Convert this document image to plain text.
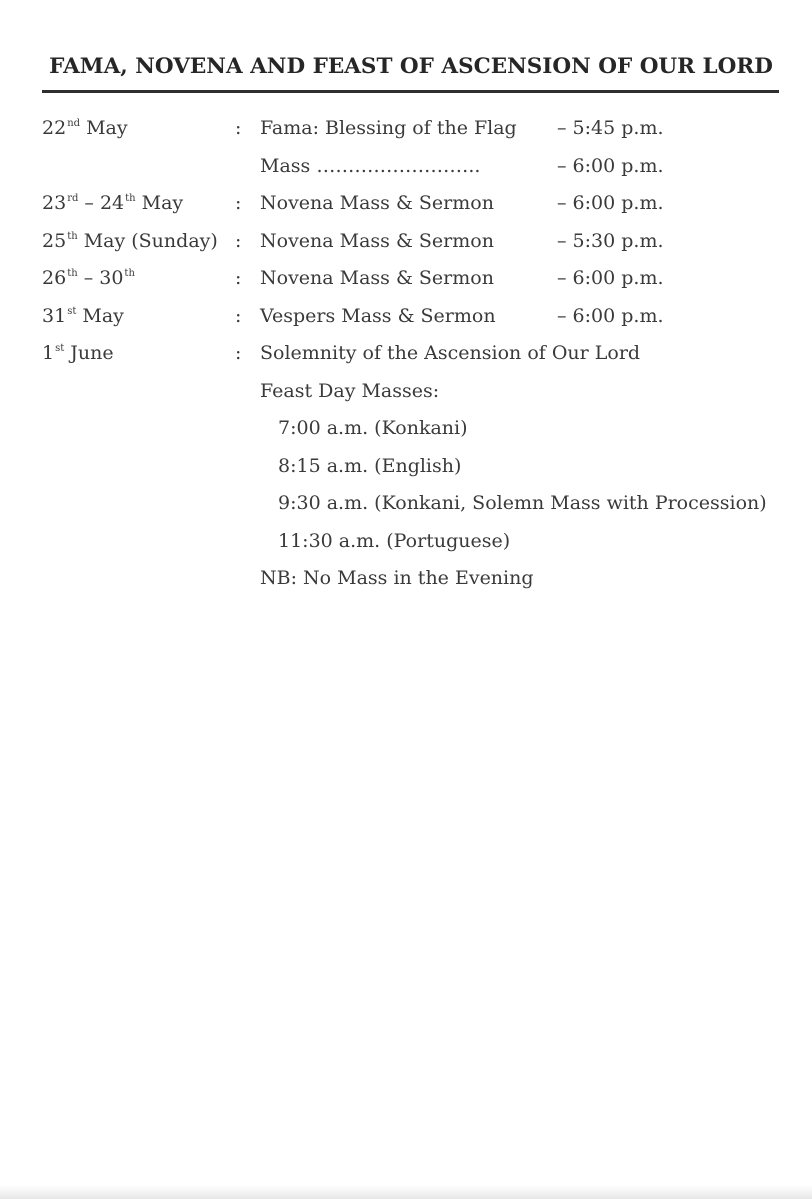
FAMA, NOVENA AND FEAST OF ASCENSION OF OUR LORD
22nd May	: Fama: Blessing of the Flag – 5:45 p.m.
Mass ……………………..	– 6:00 p.m.
23rd – 24th May	: Novena Mass & Sermon	– 6:00 p.m.
25th May (Sunday) : Novena Mass & Sermon	– 5:30 p.m.
26th – 30th	: Novena Mass & Sermon	– 6:00 p.m.
31st May	: Vespers Mass & Sermon	– 6:00 p.m.
1st June	: Solemnity of the Ascension of Our Lord
Feast Day Masses:
7:00 a.m. (Konkani)
8:15 a.m. (English)
9:30 a.m. (Konkani, Solemn Mass with Procession)
11:30 a.m. (Portuguese)
NB: No Mass in the Evening
